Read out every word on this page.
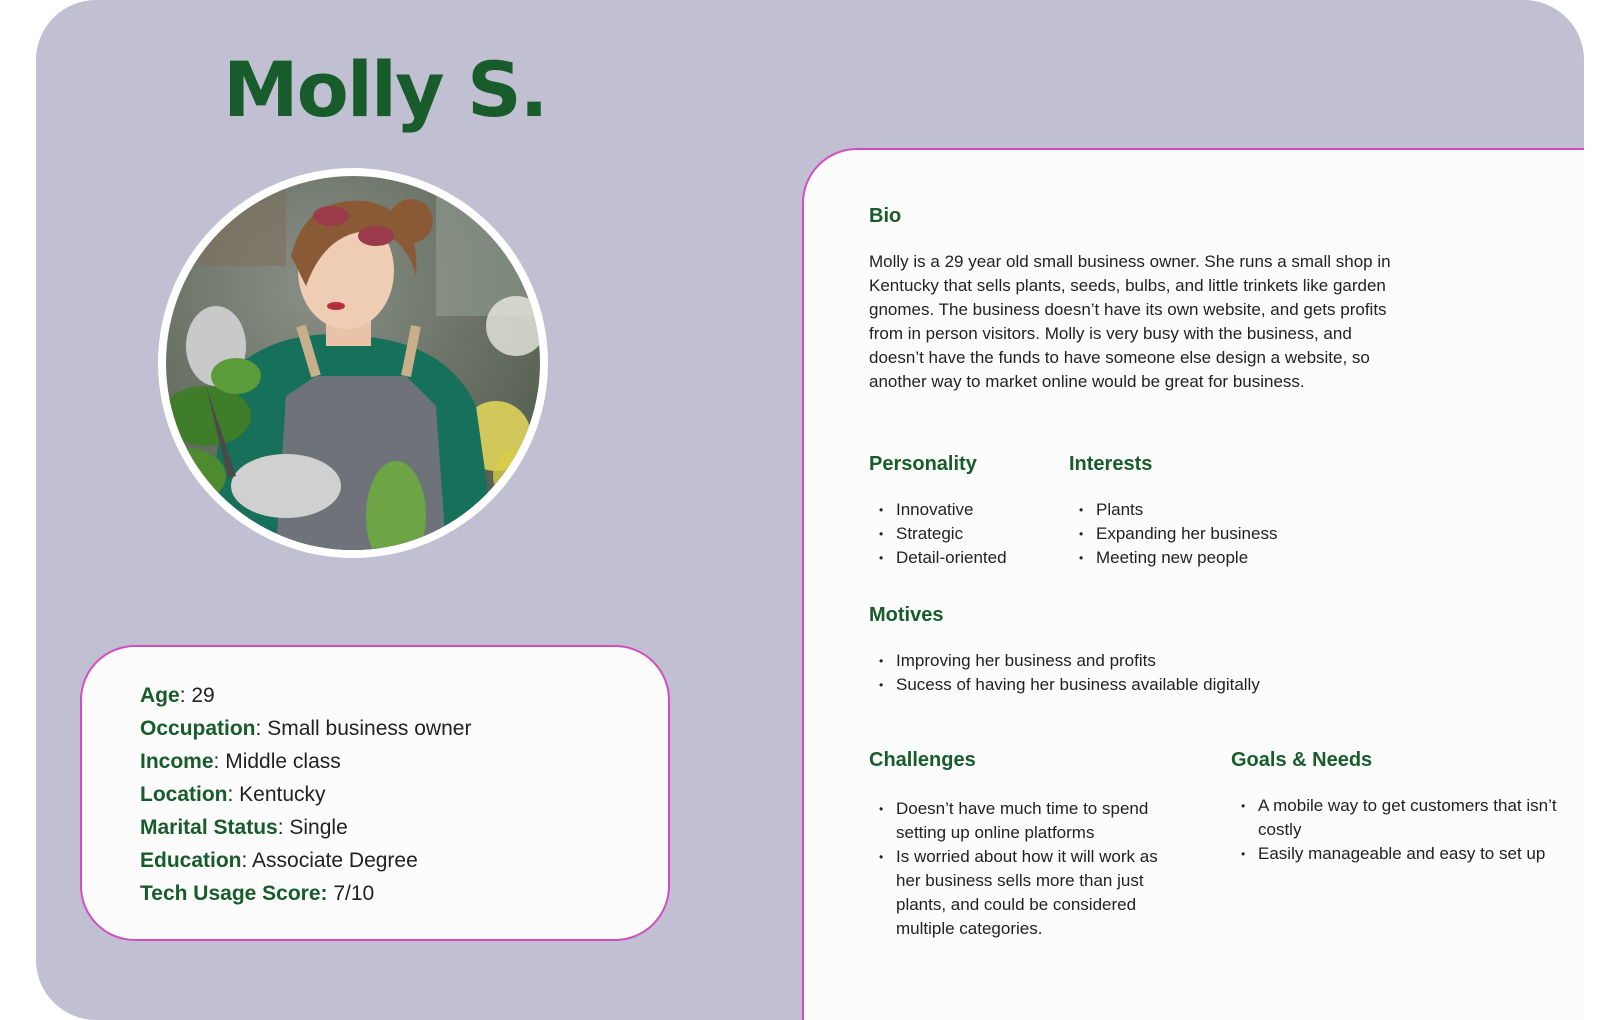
Molly S.
Age: 29
Occupation: Small business owner
Income: Middle class
Location: Kentucky
Marital Status: Single
Education: Associate Degree
Tech Usage Score: 7/10
Bio

Molly is a 29 year old small business owner. She runs a small shop in Kentucky that sells plants, seeds, bulbs, and little trinkets like garden gnomes. The business doesn’t have its own website, and gets profits from in person visitors. Molly is very busy with the business, and doesn’t have the funds to have someone else design a website, so another way to market online would be great for business.

Personality
• Innovative
• Strategic
• Detail-oriented
Interests
• Plants
• Expanding her business
• Meeting new people
Motives
• Improving her business and profits
• Sucess of having her business available digitally
Challenges
• Doesn’t have much time to spend setting up online platforms
• Is worried about how it will work as her business sells more than just plants, and could be considered multiple categories.
Goals & Needs
• A mobile way to get customers that isn’t costly
• Easily manageable and easy to set up
